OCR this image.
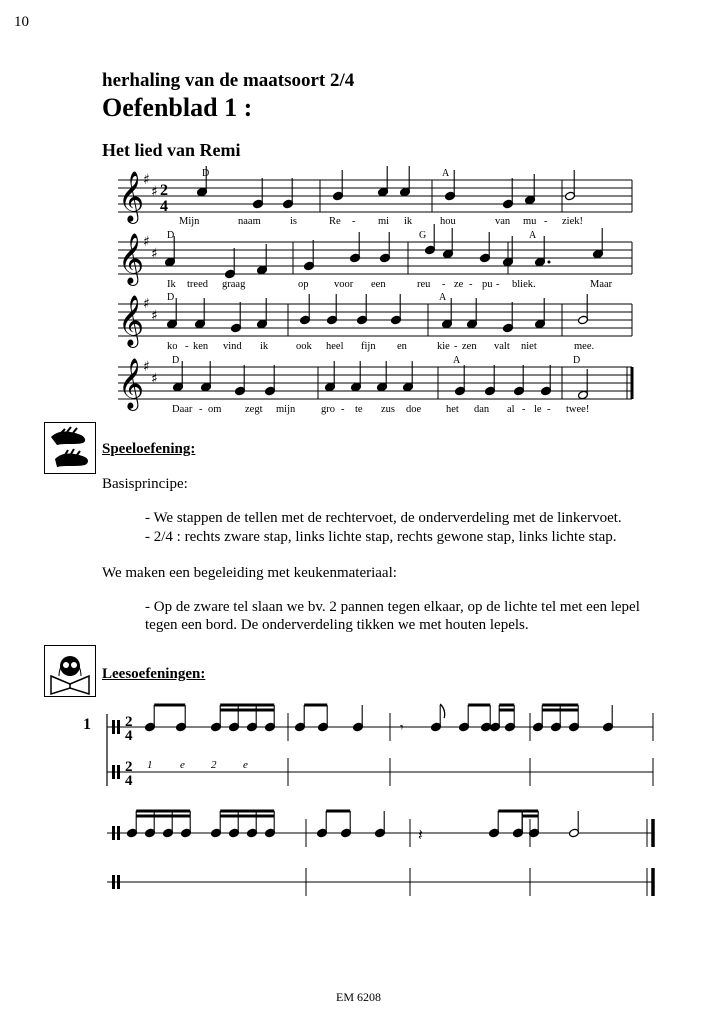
10
herhaling van de maatsoort 2/4
Oefenblad 1 :
Het lied van Remi
𝄞
♯
♯ 2
4
𝄞
♯
♯
𝄞
♯
♯
𝄞
♯
♯
2
4	𝄾
2
4
𝄽
D	A
D	G	A
D	A
D	A	D
Mijn	naam	is	Re - mi ik	hou	van mu - ziek!
Ik treed graag	op voor een	reu - ze - pu - bliek.	Maar
ko - ken vind ik	ook heel fijn en	kie - zen valt niet	mee.
Daar - om zegt mijn gro - te zus doe het dan al - le - twee!
Speeloefening:
Basisprincipe:
- We stappen de tellen met de rechtervoet, de onderverdeling met de linkervoet.
- 2/4 : rechts zware stap, links lichte stap, rechts gewone stap, links lichte stap.
We maken een begeleiding met keukenmateriaal:
- Op de zware tel slaan we bv. 2 pannen tegen elkaar, op de lichte tel met een lepel tegen een bord. De onderverdeling tikken we met houten lepels.
Leesoefeningen:
1
1	e 2 e
EM 6208
